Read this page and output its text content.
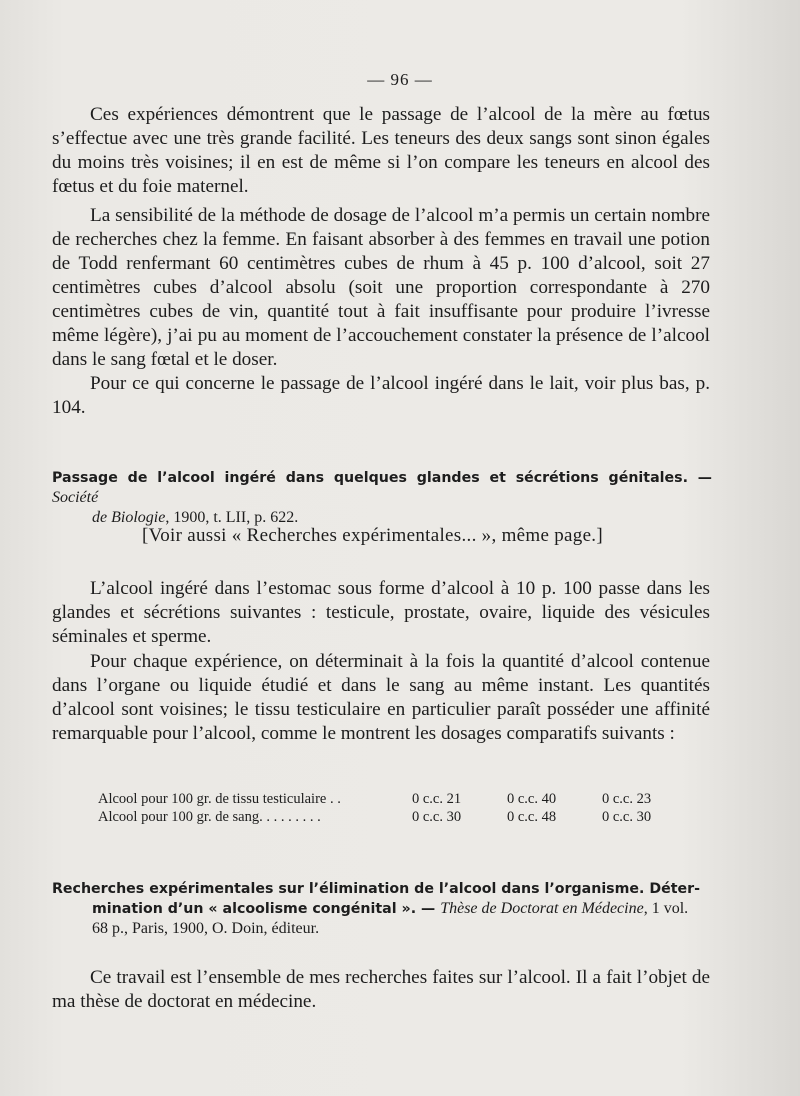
— 96 —
Ces expériences démontrent que le passage de l’alcool de la mère au fœtus s’effectue avec une très grande facilité. Les teneurs des deux sangs sont sinon égales du moins très voisines; il en est de même si l’on compare les teneurs en alcool des fœtus et du foie maternel.
La sensibilité de la méthode de dosage de l’alcool m’a permis un certain nombre de recherches chez la femme. En faisant absorber à des femmes en travail une potion de Todd renfermant 60 centimètres cubes de rhum à 45 p. 100 d’alcool, soit 27 centimètres cubes d’alcool absolu (soit une proportion correspondante à 270 centimètres cubes de vin, quantité tout à fait insuffisante pour produire l’ivresse même légère), j’ai pu au moment de l’accouchement constater la présence de l’alcool dans le sang fœtal et le doser.
Pour ce qui concerne le passage de l’alcool ingéré dans le lait, voir plus bas, p. 104.
Passage de l’alcool ingéré dans quelques glandes et sécrétions génitales. — Société
de Biologie, 1900, t. LII, p. 622.
[Voir aussi « Recherches expérimentales... », même page.]
L’alcool ingéré dans l’estomac sous forme d’alcool à 10 p. 100 passe dans les glandes et sécrétions suivantes : testicule, prostate, ovaire, liquide des vésicules séminales et sperme.
Pour chaque expérience, on déterminait à la fois la quantité d’alcool contenue dans l’organe ou liquide étudié et dans le sang au même instant. Les quantités d’alcool sont voisines; le tissu testiculaire en particulier paraît posséder une affinité remarquable pour l’alcool, comme le montrent les dosages comparatifs suivants :
Alcool pour 100 gr. de tissu testiculaire . .	0 c.c. 21	0 c.c. 40	0 c.c. 23
Alcool pour 100 gr. de sang. . . . . . . . .	0 c.c. 30	0 c.c. 48	0 c.c. 30
Recherches expérimentales sur l’élimination de l’alcool dans l’organisme. Déter-
mination d’un « alcoolisme congénital ». — Thèse de Doctorat en Médecine, 1 vol.
68 p., Paris, 1900, O. Doin, éditeur.
Ce travail est l’ensemble de mes recherches faites sur l’alcool. Il a fait l’objet de ma thèse de doctorat en médecine.
